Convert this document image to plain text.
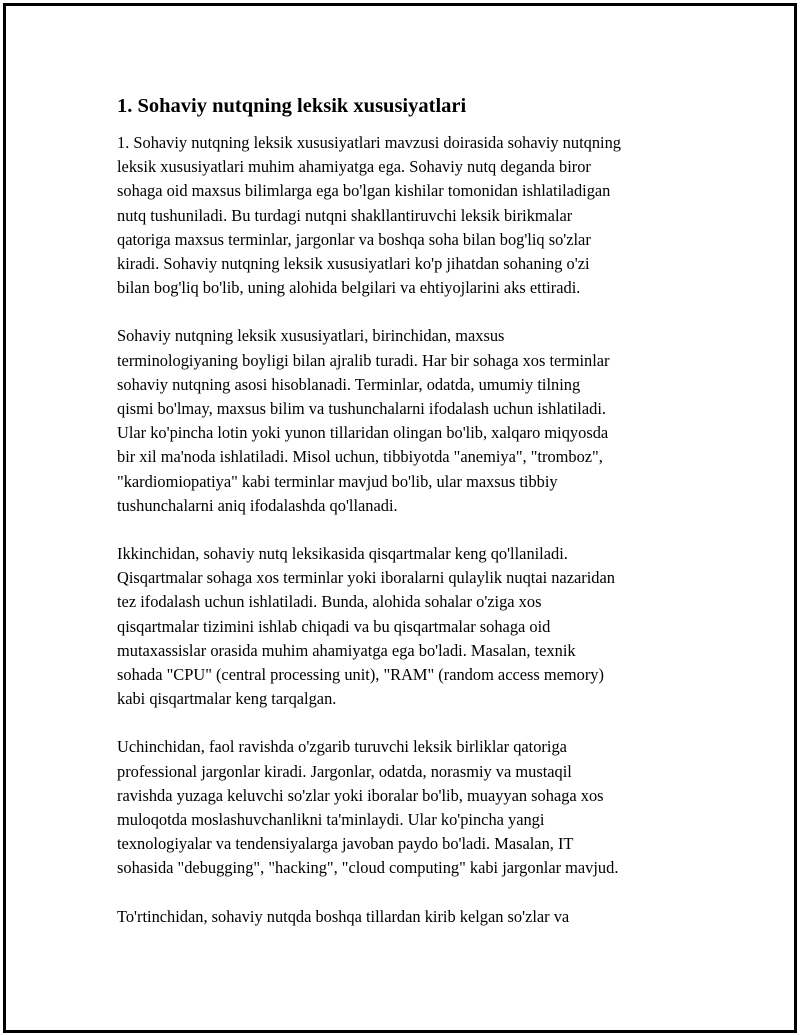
1. Sohaviy nutqning leksik xususiyatlari
1. Sohaviy nutqning leksik xususiyatlari mavzusi doirasida sohaviy nutqning
leksik xususiyatlari muhim ahamiyatga ega. Sohaviy nutq deganda biror
sohaga oid maxsus bilimlarga ega bo'lgan kishilar tomonidan ishlatiladigan
nutq tushuniladi. Bu turdagi nutqni shakllantiruvchi leksik birikmalar
qatoriga maxsus terminlar, jargonlar va boshqa soha bilan bog'liq so'zlar
kiradi. Sohaviy nutqning leksik xususiyatlari ko'p jihatdan sohaning o'zi
bilan bog'liq bo'lib, uning alohida belgilari va ehtiyojlarini aks ettiradi.
Sohaviy nutqning leksik xususiyatlari, birinchidan, maxsus
terminologiyaning boyligi bilan ajralib turadi. Har bir sohaga xos terminlar
sohaviy nutqning asosi hisoblanadi. Terminlar, odatda, umumiy tilning
qismi bo'lmay, maxsus bilim va tushunchalarni ifodalash uchun ishlatiladi.
Ular ko'pincha lotin yoki yunon tillaridan olingan bo'lib, xalqaro miqyosda
bir xil ma'noda ishlatiladi. Misol uchun, tibbiyotda "anemiya", "tromboz",
"kardiomiopatiya" kabi terminlar mavjud bo'lib, ular maxsus tibbiy
tushunchalarni aniq ifodalashda qo'llanadi.
Ikkinchidan, sohaviy nutq leksikasida qisqartmalar keng qo'llaniladi.
Qisqartmalar sohaga xos terminlar yoki iboralarni qulaylik nuqtai nazaridan
tez ifodalash uchun ishlatiladi. Bunda, alohida sohalar o'ziga xos
qisqartmalar tizimini ishlab chiqadi va bu qisqartmalar sohaga oid
mutaxassislar orasida muhim ahamiyatga ega bo'ladi. Masalan, texnik
sohada "CPU" (central processing unit), "RAM" (random access memory)
kabi qisqartmalar keng tarqalgan.
Uchinchidan, faol ravishda o'zgarib turuvchi leksik birliklar qatoriga
professional jargonlar kiradi. Jargonlar, odatda, norasmiy va mustaqil
ravishda yuzaga keluvchi so'zlar yoki iboralar bo'lib, muayyan sohaga xos
muloqotda moslashuvchanlikni ta'minlaydi. Ular ko'pincha yangi
texnologiyalar va tendensiyalarga javoban paydo bo'ladi. Masalan, IT
sohasida "debugging", "hacking", "cloud computing" kabi jargonlar mavjud.
To'rtinchidan, sohaviy nutqda boshqa tillardan kirib kelgan so'zlar va
